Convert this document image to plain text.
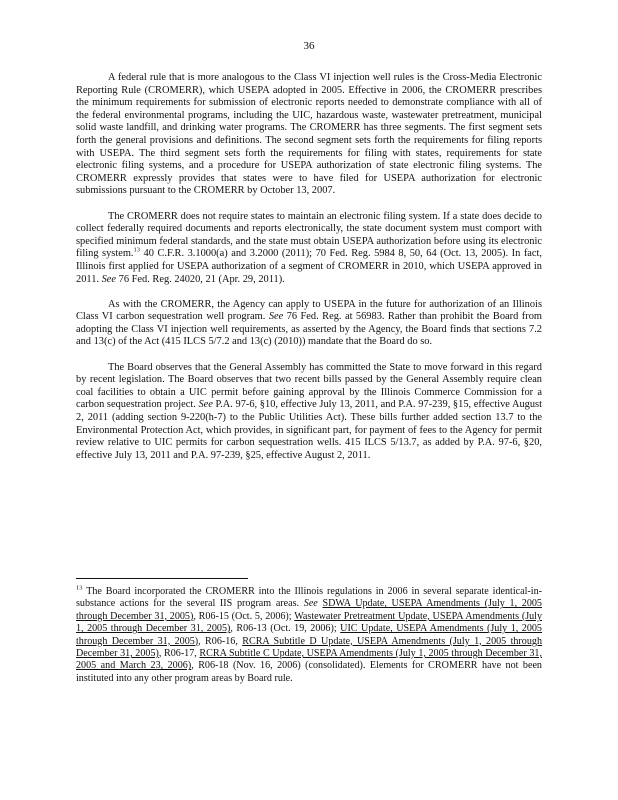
36

A federal rule that is more analogous to the Class VI injection well rules is the Cross-Media Electronic Reporting Rule (CROMERR), which USEPA adopted in 2005. Effective in 2006, the CROMERR prescribes the minimum requirements for submission of electronic reports needed to demonstrate compliance with all of the federal environmental programs, including the UIC, hazardous waste, wastewater pretreatment, municipal solid waste landfill, and drinking water programs. The CROMERR has three segments. The first segment sets forth the general provisions and definitions. The second segment sets forth the requirements for filing reports with USEPA. The third segment sets forth the requirements for filing with states, requirements for state electronic filing systems, and a procedure for USEPA authorization of state electronic filing systems. The CROMERR expressly provides that states were to have filed for USEPA authorization for electronic submissions pursuant to the CROMERR by October 13, 2007.

The CROMERR does not require states to maintain an electronic filing system. If a state does decide to collect federally required documents and reports electronically, the state document system must comport with specified minimum federal standards, and the state must obtain USEPA authorization before using its electronic filing system.$^{13}$ 40 C.F.R. 3.1000(a) and 3.2000 (2011); 70 Fed. Reg. 5984 8, 50, 64 (Oct. 13, 2005). In fact, Illinois first applied for USEPA authorization of a segment of CROMERR in 2010, which USEPA approved in 2011. See 76 Fed. Reg. 24020, 21 (Apr. 29, 2011).

As with the CROMERR, the Agency can apply to USEPA in the future for authorization of an Illinois Class VI carbon sequestration well program. See 76 Fed. Reg. at 56983. Rather than prohibit the Board from adopting the Class VI injection well requirements, as asserted by the Agency, the Board finds that sections 7.2 and 13(c) of the Act (415 ILCS 5/7.2 and 13(c) (2010)) mandate that the Board do so.

The Board observes that the General Assembly has committed the State to move forward in this regard by recent legislation. The Board observes that two recent bills passed by the General Assembly require clean coal facilities to obtain a UIC permit before gaining approval by the Illinois Commerce Commission for a carbon sequestration project. See P.A. 97-6, §10, effective July 13, 2011, and P.A. 97-239, §15, effective August 2, 2011 (adding section 9-220(h-7) to the Public Utilities Act). These bills further added section 13.7 to the Environmental Protection Act, which provides, in significant part, for payment of fees to the Agency for permit review relative to UIC permits for carbon sequestration wells. 415 ILCS 5/13.7, as added by P.A. 97-6, §20, effective July 13, 2011 and P.A. 97-239, §25, effective August 2, 2011.

$^{13}$ The Board incorporated the CROMERR into the Illinois regulations in 2006 in several separate identical-in-substance actions for the several IIS program areas. See SDWA Update, USEPA Amendments (July 1, 2005 through December 31, 2005), R06-15 (Oct. 5, 2006); Wastewater Pretreatment Update, USEPA Amendments (July 1, 2005 through December 31, 2005), R06-13 (Oct. 19, 2006); UIC Update, USEPA Amendments (July 1, 2005 through December 31, 2005), R06-16, RCRA Subtitle D Update, USEPA Amendments (July 1, 2005 through December 31, 2005), R06-17, RCRA Subtitle C Update, USEPA Amendments (July 1, 2005 through December 31, 2005 and March 23, 2006), R06-18 (Nov. 16, 2006) (consolidated). Elements for CROMERR have not been instituted into any other program areas by Board rule.
